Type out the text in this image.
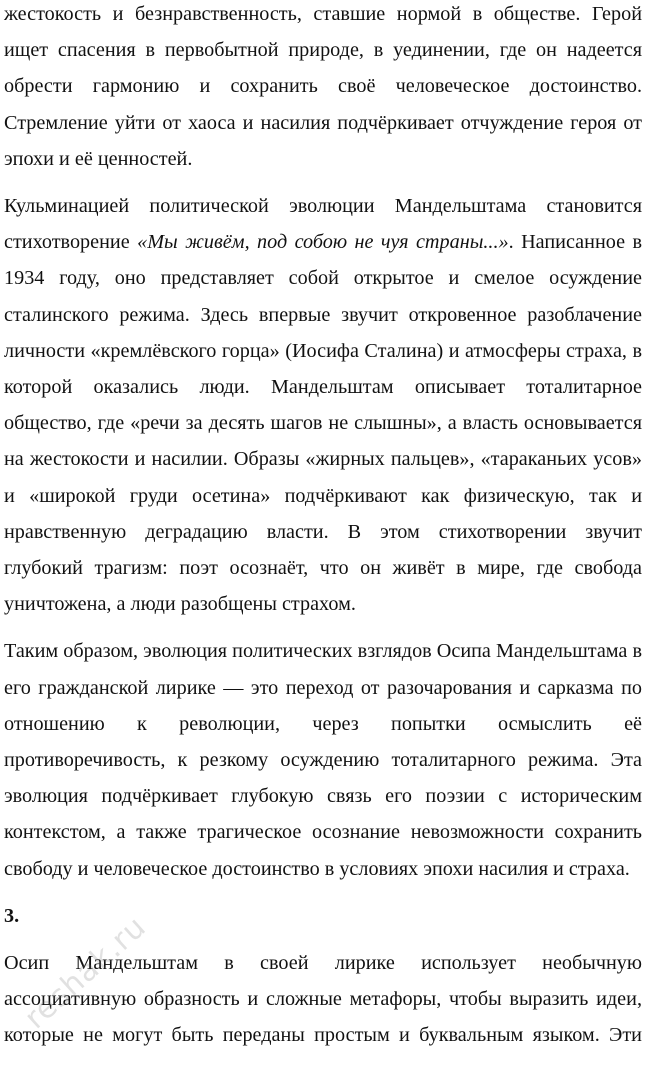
жестокость и безнравственность, ставшие нормой в обществе. Герой ищет спасения в первобытной природе, в уединении, где он надеется обрести гармонию и сохранить своё человеческое достоинство. Стремление уйти от хаоса и насилия подчёркивает отчуждение героя от эпохи и её ценностей.

Кульминацией политической эволюции Мандельштама становится стихотворение «Мы живём, под собою не чуя страны...». Написанное в 1934 году, оно представляет собой открытое и смелое осуждение сталинского режима. Здесь впервые звучит откровенное разоблачение личности «кремлёвского горца» (Иосифа Сталина) и атмосферы страха, в которой оказались люди. Мандельштам описывает тоталитарное общество, где «речи за десять шагов не слышны», а власть основывается на жестокости и насилии. Образы «жирных пальцев», «тараканьих усов» и «широкой груди осетина» подчёркивают как физическую, так и нравственную деградацию власти. В этом стихотворении звучит глубокий трагизм: поэт осознаёт, что он живёт в мире, где свобода уничтожена, а люди разобщены страхом.

Таким образом, эволюция политических взглядов Осипа Мандельштама в его гражданской лирике — это переход от разочарования и сарказма по отношению к революции, через попытки осмыслить её противоречивость, к резкому осуждению тоталитарного режима. Эта эволюция подчёркивает глубокую связь его поэзии с историческим контекстом, а также трагическое осознание невозможности сохранить свободу и человеческое достоинство в условиях эпохи насилия и страха.

3.

Осип Мандельштам в своей лирике использует необычную ассоциативную образность и сложные метафоры, чтобы выразить идеи, которые не могут быть переданы простым и буквальным языком. Эти

reshak.ru
